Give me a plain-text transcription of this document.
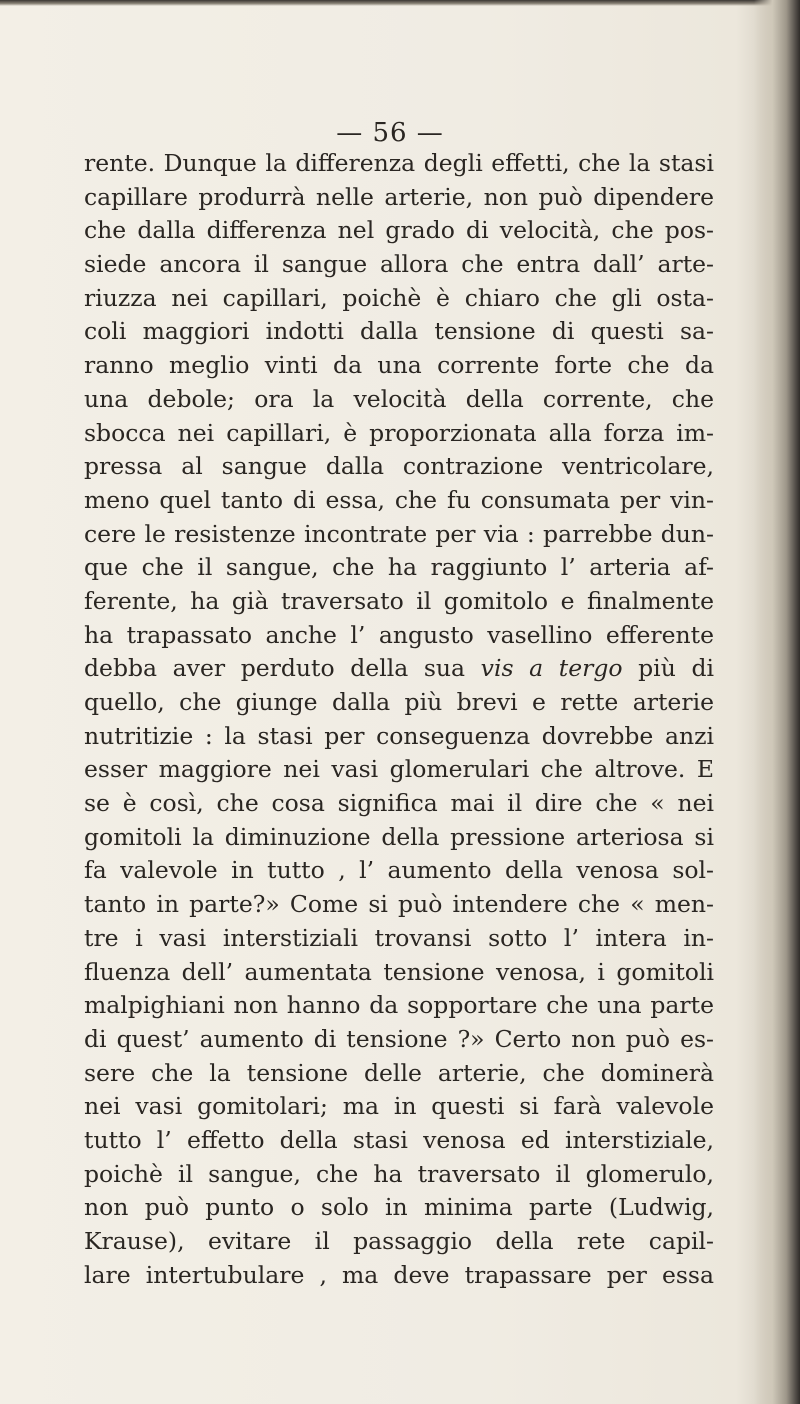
— 56 —
rente. Dunque la differenza degli effetti, che la stasi
capillare produrrà nelle arterie, non può dipendere
che dalla differenza nel grado di velocità, che pos-
siede ancora il sangue allora che entra dall’ arte-
riuzza nei capillari, poichè è chiaro che gli osta-
coli maggiori indotti dalla tensione di questi sa-
ranno meglio vinti da una corrente forte che da
una debole; ora la velocità della corrente, che
sbocca nei capillari, è proporzionata alla forza im-
pressa al sangue dalla contrazione ventricolare,
meno quel tanto di essa, che fu consumata per vin-
cere le resistenze incontrate per via : parrebbe dun-
que che il sangue, che ha raggiunto l’ arteria af-
ferente, ha già traversato il gomitolo e finalmente
ha trapassato anche l’ angusto vasellino efferente
debba aver perduto della sua vis a tergo più di
quello, che giunge dalla più brevi e rette arterie
nutritizie : la stasi per conseguenza dovrebbe anzi
esser maggiore nei vasi glomerulari che altrove. E
se è così, che cosa significa mai il dire che « nei
gomitoli la diminuzione della pressione arteriosa si
fa valevole in tutto , l’ aumento della venosa sol-
tanto in parte?» Come si può intendere che « men-
tre i vasi interstiziali trovansi sotto l’ intera in-
fluenza dell’ aumentata tensione venosa, i gomitoli
malpighiani non hanno da sopportare che una parte
di quest’ aumento di tensione ?» Certo non può es-
sere che la tensione delle arterie, che dominerà
nei vasi gomitolari; ma in questi si farà valevole
tutto l’ effetto della stasi venosa ed interstiziale,
poichè il sangue, che ha traversato il glomerulo,
non può punto o solo in minima parte (Ludwig,
Krause), evitare il passaggio della rete capil-
lare intertubulare , ma deve trapassare per essa
